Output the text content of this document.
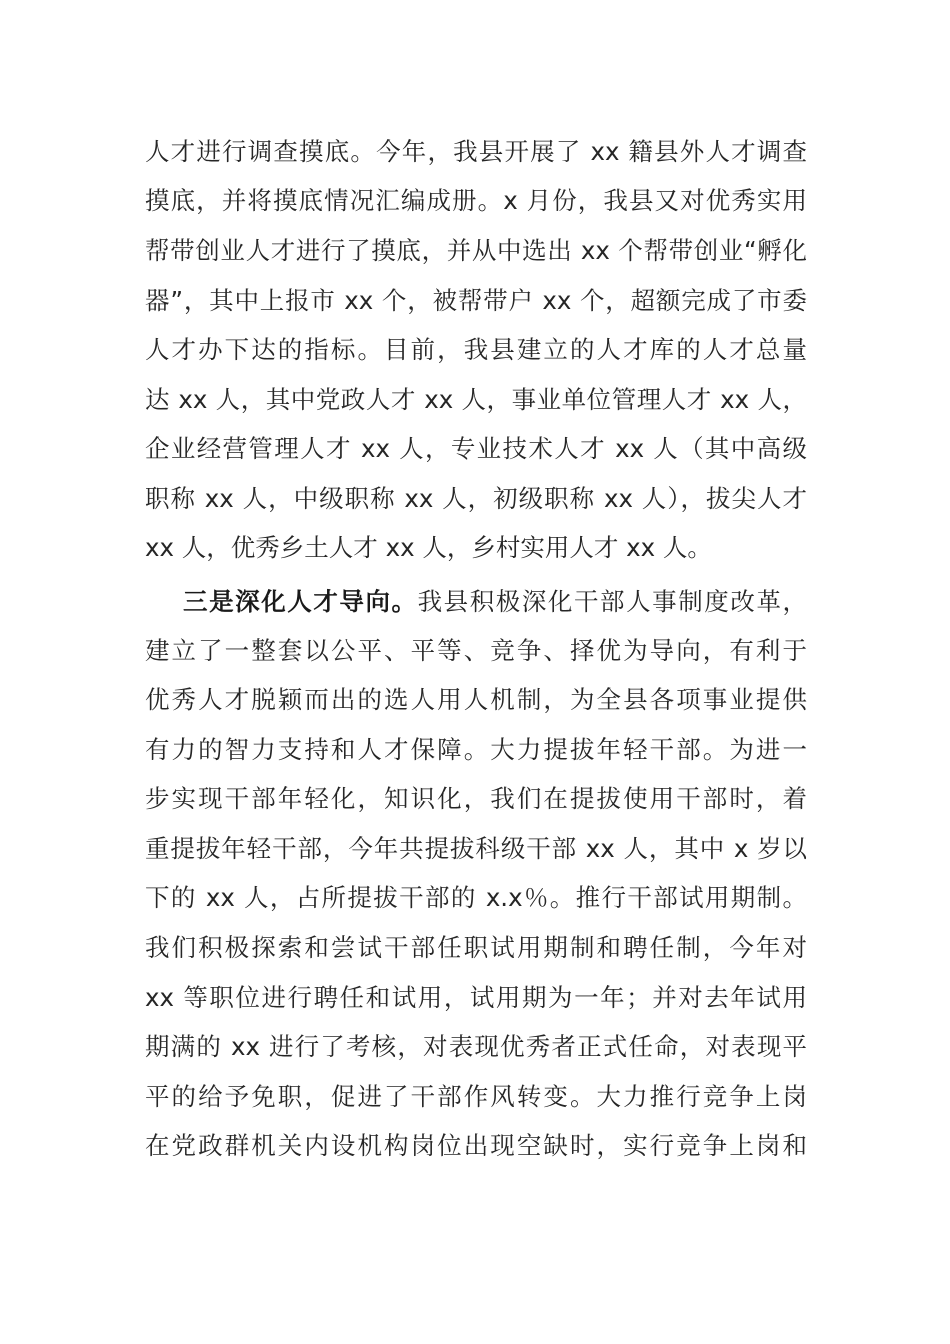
人才进行调查摸底。今年，我县开展了 xx 籍县外人才调查
摸底，并将摸底情况汇编成册。x 月份，我县又对优秀实用
帮带创业人才进行了摸底，并从中选出 xx 个帮带创业“孵化
器”，其中上报市 xx 个，被帮带户 xx 个，超额完成了市委
人才办下达的指标。目前，我县建立的人才库的人才总量
达 xx 人，其中党政人才 xx 人，事业单位管理人才 xx 人，
企业经营管理人才 xx 人，专业技术人才 xx 人（其中高级
职称 xx 人，中级职称 xx 人，初级职称 xx 人），拔尖人才
xx 人，优秀乡土人才 xx 人，乡村实用人才 xx 人。
三是深化人才导向。我县积极深化干部人事制度改革，
建立了一整套以公平、平等、竞争、择优为导向，有利于
优秀人才脱颖而出的选人用人机制，为全县各项事业提供
有力的智力支持和人才保障。大力提拔年轻干部。为进一
步实现干部年轻化，知识化，我们在提拔使用干部时，着
重提拔年轻干部，今年共提拔科级干部 xx 人，其中 x 岁以
下的 xx 人，占所提拔干部的 x.x％。推行干部试用期制。
我们积极探索和尝试干部任职试用期制和聘任制，今年对
xx 等职位进行聘任和试用，试用期为一年；并对去年试用
期满的 xx 进行了考核，对表现优秀者正式任命，对表现平
平的给予免职，促进了干部作风转变。大力推行竞争上岗
在党政群机关内设机构岗位出现空缺时，实行竞争上岗和
